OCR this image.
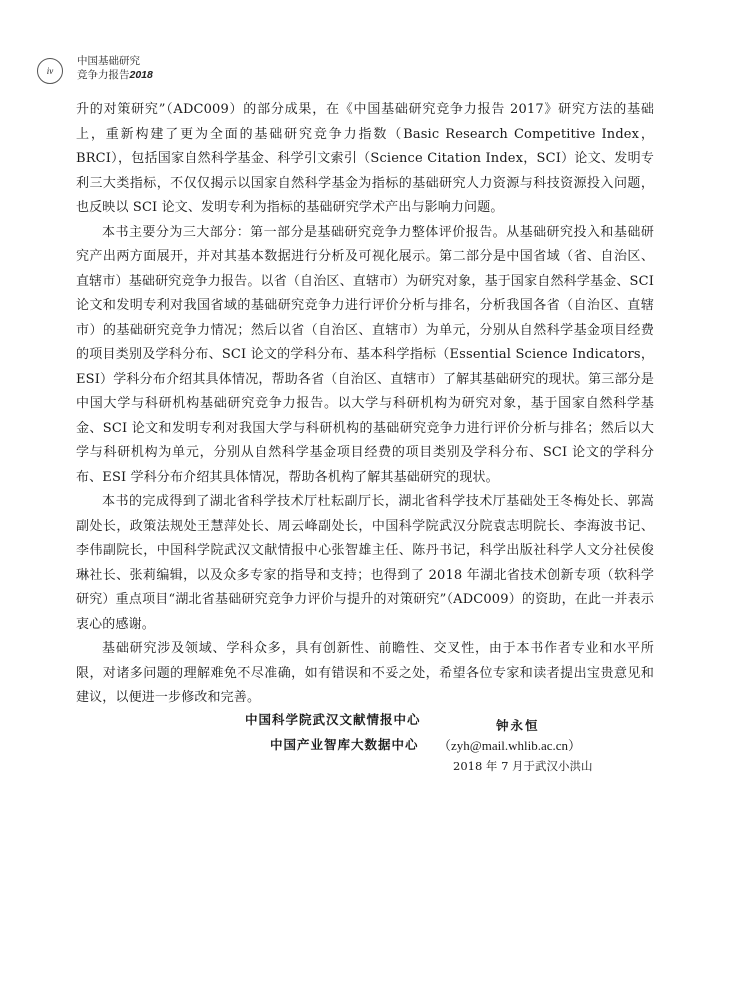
iv
中国基础研究
竞争力报告2018

升的对策研究”（ADC009）的部分成果，在《中国基础研究竞争力报告 2017》研究方法的基础上，重新构建了更为全面的基础研究竞争力指数（Basic Research Competitive Index，BRCI），包括国家自然科学基金、科学引文索引（Science Citation Index，SCI）论文、发明专利三大类指标，不仅仅揭示以国家自然科学基金为指标的基础研究人力资源与科技资源投入问题，也反映以 SCI 论文、发明专利为指标的基础研究学术产出与影响力问题。

本书主要分为三大部分：第一部分是基础研究竞争力整体评价报告。从基础研究投入和基础研究产出两方面展开，并对其基本数据进行分析及可视化展示。第二部分是中国省域（省、自治区、直辖市）基础研究竞争力报告。以省（自治区、直辖市）为研究对象，基于国家自然科学基金、SCI 论文和发明专利对我国省域的基础研究竞争力进行评价分析与排名，分析我国各省（自治区、直辖市）的基础研究竞争力情况；然后以省（自治区、直辖市）为单元，分别从自然科学基金项目经费的项目类别及学科分布、SCI 论文的学科分布、基本科学指标（Essential Science Indicators，ESI）学科分布介绍其具体情况，帮助各省（自治区、直辖市）了解其基础研究的现状。第三部分是中国大学与科研机构基础研究竞争力报告。以大学与科研机构为研究对象，基于国家自然科学基金、SCI 论文和发明专利对我国大学与科研机构的基础研究竞争力进行评价分析与排名；然后以大学与科研机构为单元，分别从自然科学基金项目经费的项目类别及学科分布、SCI 论文的学科分布、ESI 学科分布介绍其具体情况，帮助各机构了解其基础研究的现状。

本书的完成得到了湖北省科学技术厅杜耘副厅长，湖北省科学技术厅基础处王冬梅处长、郭嵩副处长，政策法规处王慧萍处长、周云峰副处长，中国科学院武汉分院袁志明院长、李海波书记、李伟副院长，中国科学院武汉文献情报中心张智雄主任、陈丹书记，科学出版社科学人文分社侯俊琳社长、张莉编辑，以及众多专家的指导和支持；也得到了 2018 年湖北省技术创新专项（软科学研究）重点项目“湖北省基础研究竞争力评价与提升的对策研究”（ADC009）的资助，在此一并表示衷心的感谢。

基础研究涉及领域、学科众多，具有创新性、前瞻性、交叉性，由于本书作者专业和水平所限，对诸多问题的理解难免不尽准确，如有错误和不妥之处，希望各位专家和读者提出宝贵意见和建议，以便进一步修改和完善。

中国科学院武汉文献情报中心
中国产业智库大数据中心
钟永恒
（zyh@mail.whlib.ac.cn）
2018 年 7 月于武汉小洪山
